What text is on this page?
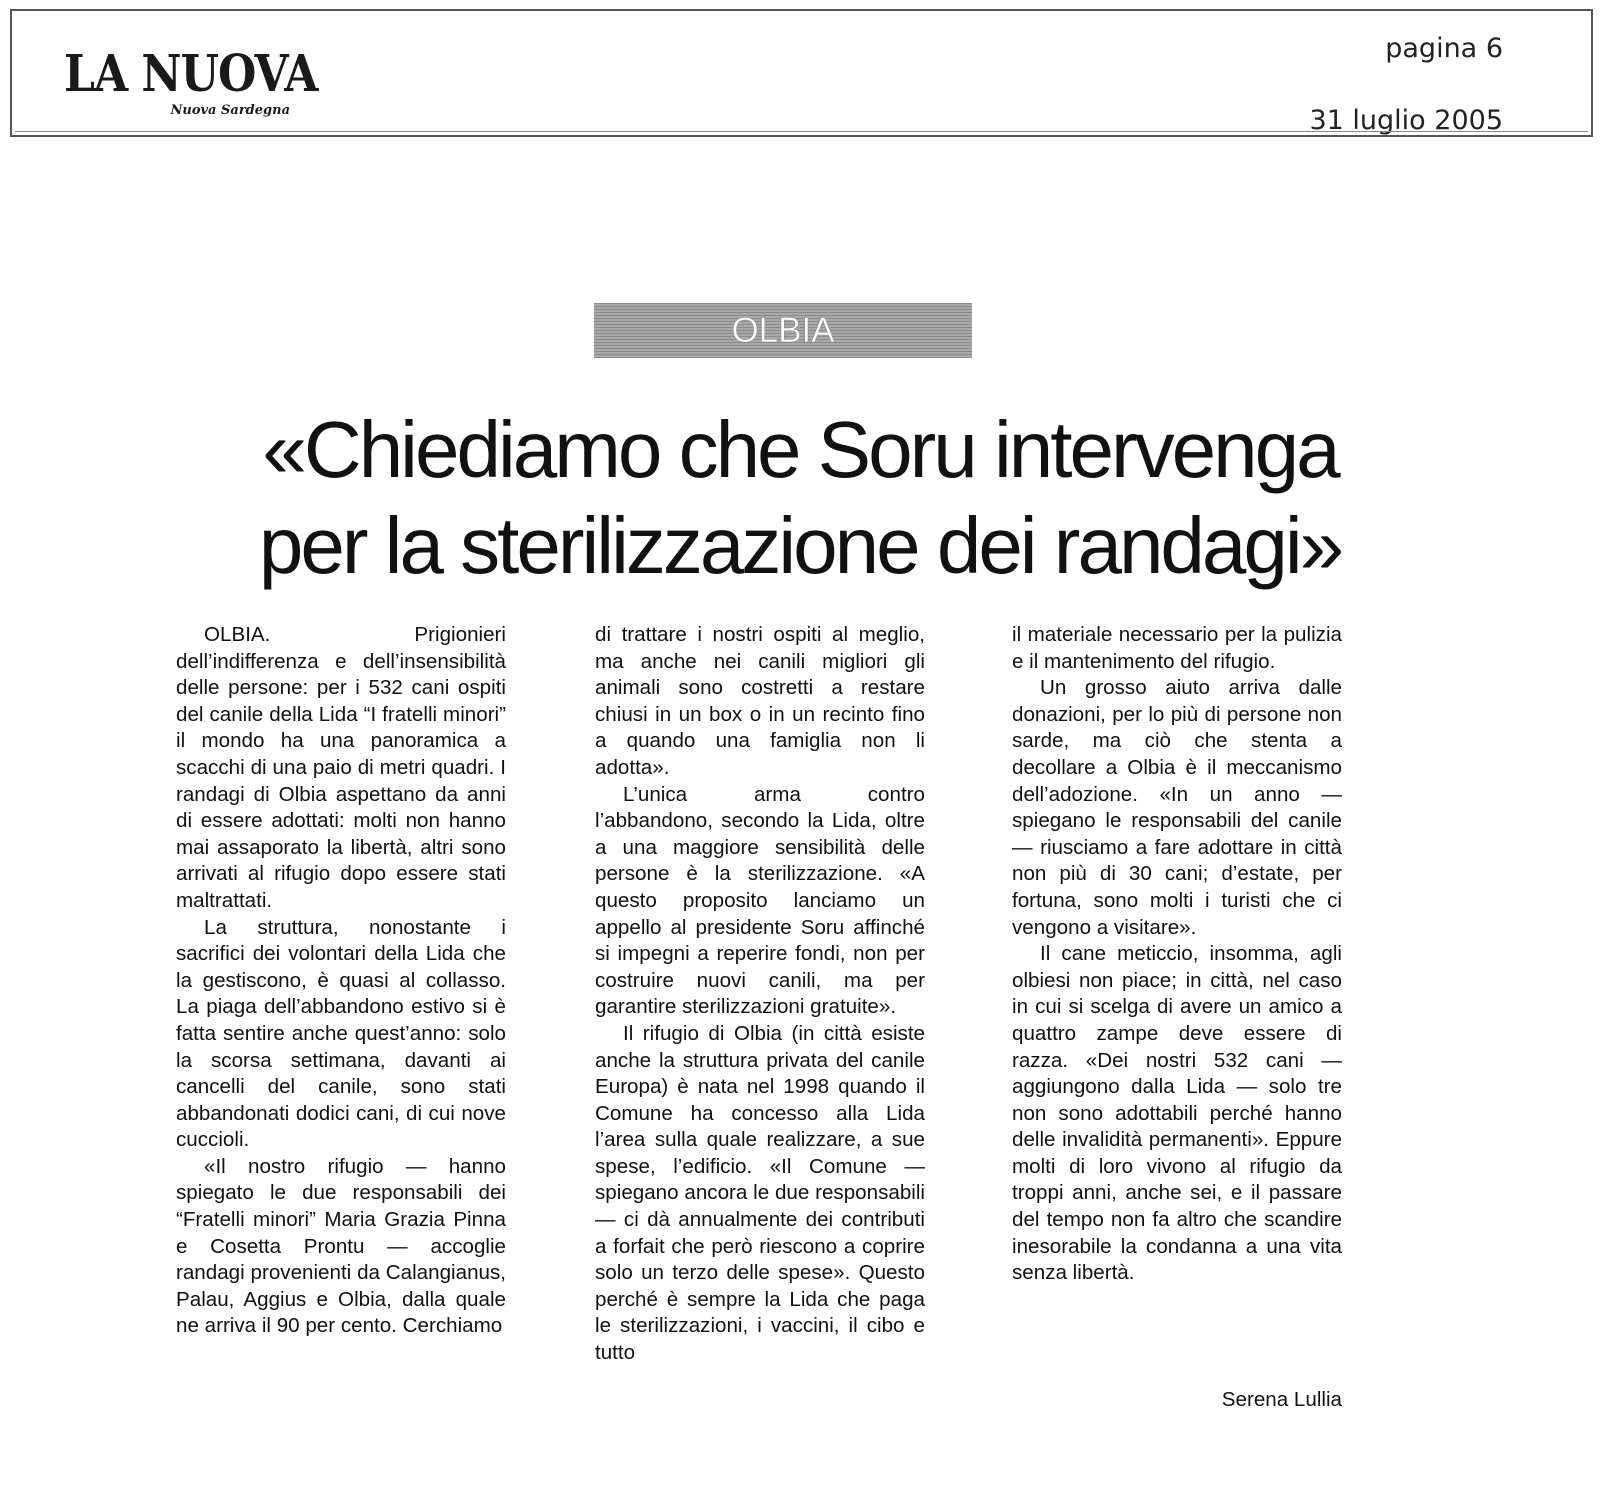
LA NUOVA
Nuova Sardegna
pagina 6
31 luglio 2005
OLBIA
«Chiediamo che Soru intervenga
per la sterilizzazione dei randagi»

OLBIA. Prigionieri dell’indifferenza e dell’insensibilità delle persone: per i 532 cani ospiti del canile della Lida “I fratelli minori” il mondo ha una panoramica a scacchi di una paio di metri quadri. I randagi di Olbia aspettano da anni di essere adottati: molti non hanno mai assaporato la libertà, altri sono arrivati al rifugio dopo essere stati maltrattati.

La struttura, nonostante i sacrifici dei volontari della Lida che la gestiscono, è quasi al collasso. La piaga dell’abbandono estivo si è fatta sentire anche quest’anno: solo la scorsa settimana, davanti ai cancelli del canile, sono stati abbandonati dodici cani, di cui nove cuccioli.

«Il nostro rifugio — hanno spiegato le due responsabili dei “Fratelli minori” Maria Grazia Pinna e Cosetta Prontu — accoglie randagi provenienti da Calangianus, Palau, Aggius e Olbia, dalla quale ne arriva il 90 per cento. Cerchiamo

di trattare i nostri ospiti al meglio, ma anche nei canili migliori gli animali sono costretti a restare chiusi in un box o in un recinto fino a quando una famiglia non li adotta».

L’unica arma contro l’abbandono, secondo la Lida, oltre a una maggiore sensibilità delle persone è la sterilizzazione. «A questo proposito lanciamo un appello al presidente Soru affinché si impegni a reperire fondi, non per costruire nuovi canili, ma per garantire sterilizzazioni gratuite».

Il rifugio di Olbia (in città esiste anche la struttura privata del canile Europa) è nata nel 1998 quando il Comune ha concesso alla Lida l’area sulla quale realizzare, a sue spese, l’edificio. «Il Comune — spiegano ancora le due responsabili — ci dà annualmente dei contributi a forfait che però riescono a coprire solo un terzo delle spese». Questo perché è sempre la Lida che paga le sterilizzazioni, i vaccini, il cibo e tutto

il materiale necessario per la pulizia e il mantenimento del rifugio.

Un grosso aiuto arriva dalle donazioni, per lo più di persone non sarde, ma ciò che stenta a decollare a Olbia è il meccanismo dell’adozione. «In un anno — spiegano le responsabili del canile — riusciamo a fare adottare in città non più di 30 cani; d’estate, per fortuna, sono molti i turisti che ci vengono a visitare».

Il cane meticcio, insomma, agli olbiesi non piace; in città, nel caso in cui si scelga di avere un amico a quattro zampe deve essere di razza. «Dei nostri 532 cani — aggiungono dalla Lida — solo tre non sono adottabili perché hanno delle invalidità permanenti». Eppure molti di loro vivono al rifugio da troppi anni, anche sei, e il passare del tempo non fa altro che scandire inesorabile la condanna a una vita senza libertà.

Serena Lullia
